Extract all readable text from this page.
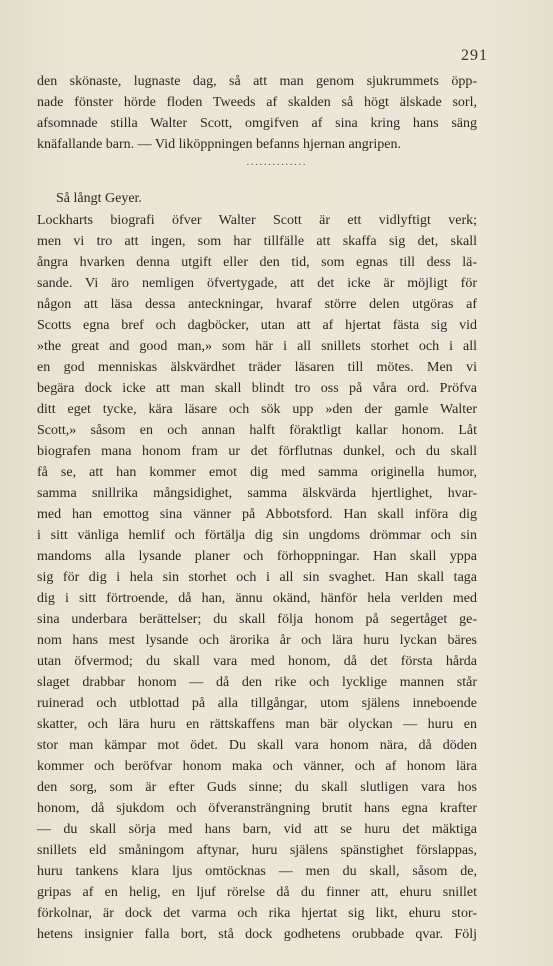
291
den skönaste, lugnaste dag, så att man genom sjukrummets öpp-
nade fönster hörde floden Tweeds af skalden så högt älskade sorl,
afsomnade stilla Walter Scott, omgifven af sina kring hans säng
knäfallande barn. — Vid liköppningen befanns hjernan angripen.
··············
Så långt Geyer.
Lockharts biografi öfver Walter Scott är ett vidlyftigt verk;
men vi tro att ingen, som har tillfälle att skaffa sig det, skall
ångra hvarken denna utgift eller den tid, som egnas till dess lä-
sande. Vi äro nemligen öfvertygade, att det icke är möjligt för
någon att läsa dessa anteckningar, hvaraf större delen utgöras af
Scotts egna bref och dagböcker, utan att af hjertat fästa sig vid
»the great and good man,» som här i all snillets storhet och i all
en god menniskas älskvärdhet träder läsaren till mötes. Men vi
begära dock icke att man skall blindt tro oss på våra ord. Pröfva
ditt eget tycke, kära läsare och sök upp »den der gamle Walter
Scott,» såsom en och annan halft föraktligt kallar honom. Låt
biografen mana honom fram ur det förflutnas dunkel, och du skall
få se, att han kommer emot dig med samma originella humor,
samma snillrika mångsidighet, samma älskvärda hjertlighet, hvar-
med han emottog sina vänner på Abbotsford. Han skall införa dig
i sitt vänliga hemlif och förtälja dig sin ungdoms drömmar och sin
mandoms alla lysande planer och förhoppningar. Han skall yppa
sig för dig i hela sin storhet och i all sin svaghet. Han skall taga
dig i sitt förtroende, då han, ännu okänd, hänför hela verlden med
sina underbara berättelser; du skall följa honom på segertåget ge-
nom hans mest lysande och ärorika år och lära huru lyckan bäres
utan öfvermod; du skall vara med honom, då det första hårda
slaget drabbar honom — då den rike och lycklige mannen står
ruinerad och utblottad på alla tillgångar, utom själens inneboende
skatter, och lära huru en rättskaffens man bär olyckan — huru en
stor man kämpar mot ödet. Du skall vara honom nära, då döden
kommer och beröfvar honom maka och vänner, och af honom lära
den sorg, som är efter Guds sinne; du skall slutligen vara hos
honom, då sjukdom och öfveransträngning brutit hans egna krafter
— du skall sörja med hans barn, vid att se huru det mäktiga
snillets eld småningom aftynar, huru själens spänstighet förslappas,
huru tankens klara ljus omtöcknas — men du skall, såsom de,
gripas af en helig, en ljuf rörelse då du finner att, ehuru snillet
förkolnar, är dock det varma och rika hjertat sig likt, ehuru stor-
hetens insignier falla bort, stå dock godhetens orubbade qvar. Följ
